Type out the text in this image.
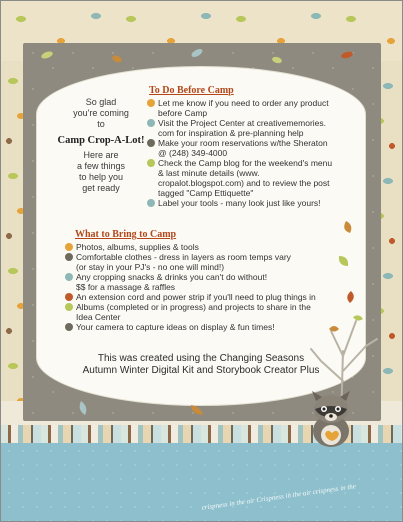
So glad
you're coming
to
Camp Crop-A-Lot!
Here are
a few things
to help you
get ready
To Do Before Camp
Let me know if you need to order any product
before Camp
Visit the Project Center at creativememories.
com for inspiration & pre-planning help
Make your room reservations w/the Sheraton
@ (248) 349-4000
Check the Camp blog for the weekend's menu
& last minute details (www.
cropalot.blogspot.com) and to review the post
tagged "Camp Ettiquette"
Label your tools - many look just like yours!
What to Bring to Camp
Photos, albums, supplies & tools
Comfortable clothes - dress in layers as room temps vary
(or stay in your PJ's - no one will mind!)
Any cropping snacks & drinks you can't do without!
$$ for a massage & raffles
An extension cord and power strip if you'll need to plug things in
Albums (completed or in progress) and projects to share in the
Idea Center
Your camera to capture ideas on display & fun times!
This was created using the Changing Seasons
Autumn Winter Digital Kit and Storybook Creator Plus
crispness in the air Crispness in the air crispness in the
